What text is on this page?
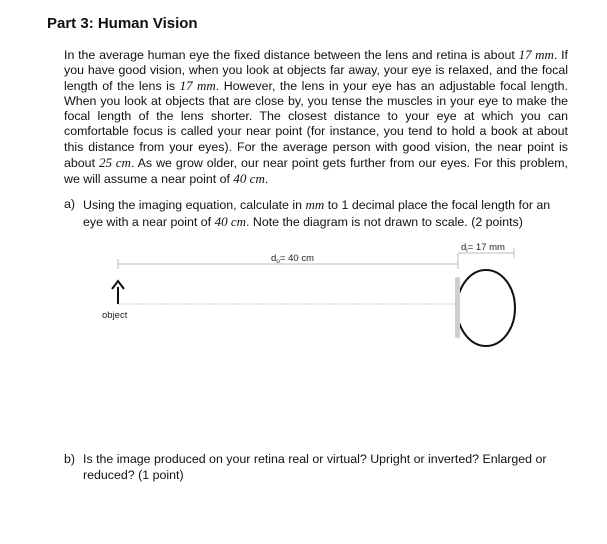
Part 3: Human Vision

In the average human eye the fixed distance between the lens and retina is about 17 mm. If you have good vision, when you look at objects far away, your eye is relaxed, and the focal length of the lens is 17 mm. However, the lens in your eye has an adjustable focal length. When you look at objects that are close by, you tense the muscles in your eye to make the focal length of the lens shorter. The closest distance to your eye at which you can comfortable focus is called your near point (for instance, you tend to hold a book at about this distance from your eyes). For the average person with good vision, the near point is about 25 cm. As we grow older, our near point gets further from our eyes. For this problem, we will assume a near point of 40 cm.

a) Using the imaging equation, calculate in mm to 1 decimal place the focal length for an eye with a near point of 40 cm. Note the diagram is not drawn to scale. (2 points)
$d_o= 40$ cm
$d_i= 17$ mm
object
b) Is the image produced on your retina real or virtual? Upright or inverted? Enlarged or reduced? (1 point)
